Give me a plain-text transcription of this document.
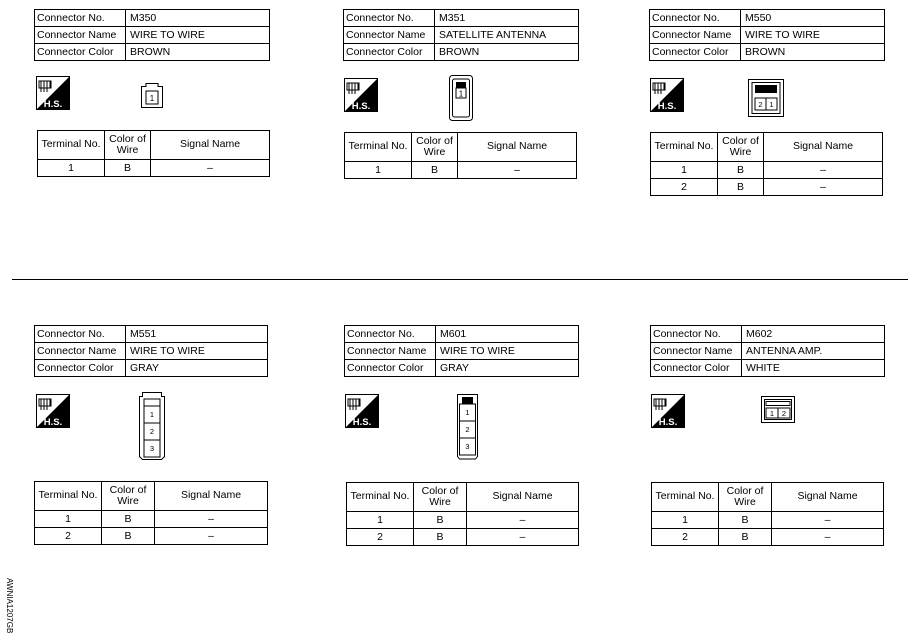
Connector No.	M350
Connector Name	WIRE TO WIRE
Connector Color	BROWN
H.S.
1
Terminal No.	Color of Wire	Signal Name
1	B	–
Connector No.	M351
Connector Name	SATELLITE ANTENNA
Connector Color	BROWN
H.S.
1
Terminal No.	Color of Wire	Signal Name
1	B	–
Connector No.	M550
Connector Name	WIRE TO WIRE
Connector Color	BROWN
H.S.	2 1
Terminal No.	Color of Wire	Signal Name
1	B	–
2	B	–
Connector No.	M551
Connector Name	WIRE TO WIRE
Connector Color	GRAY
H.S.
1
2
3
Terminal No.	Color of Wire	Signal Name
1	B	–
2	B	–
Connector No.	M601
Connector Name	WIRE TO WIRE
Connector Color	GRAY
H.S.
1
2
3
Terminal No.	Color of Wire	Signal Name
1	B	–
2	B	–
Connector No.	M602
Connector Name	ANTENNA AMP.
Connector Color	WHITE
H.S.
1 2
Terminal No.	Color of Wire	Signal Name
1	B	–
2	B	–
AWNIA1207GB
